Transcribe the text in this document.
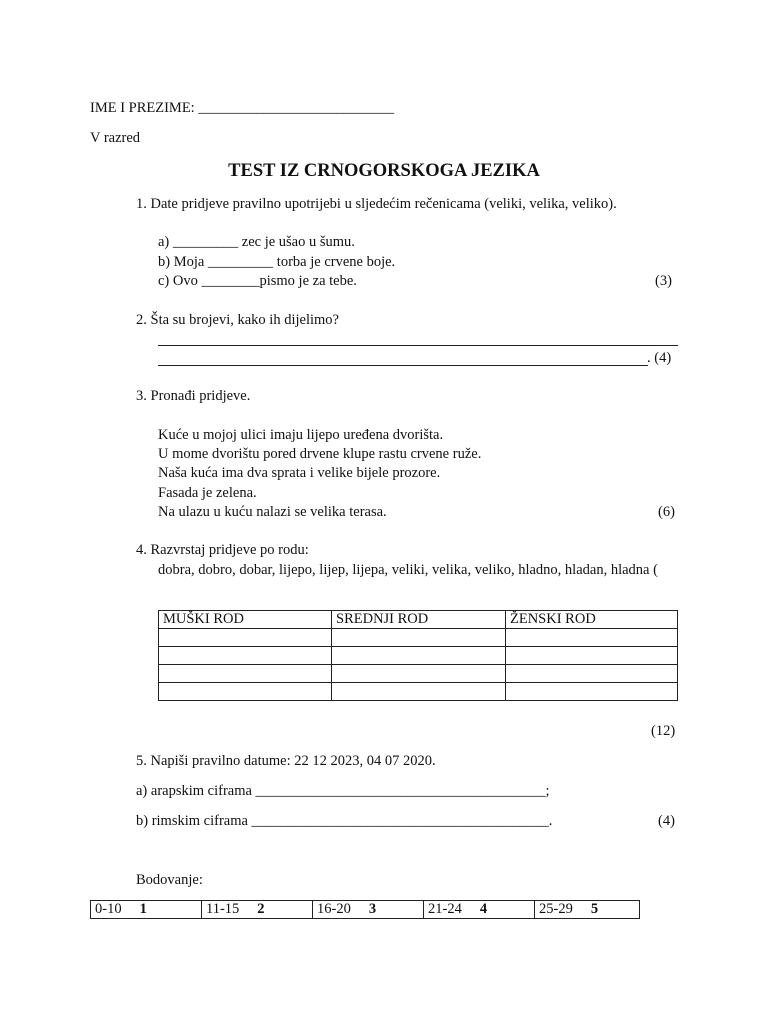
IME I PREZIME: ___________________________
V razred
TEST IZ CRNOGORSKOGA JEZIKA
1. Date pridjeve pravilno upotrijebi u sljedećim rečenicama (veliki, velika, veliko).
a) _________ zec je ušao u šumu.
b) Moja _________ torba je crvene boje.
c) Ovo ________pismo je za tebe.	(3)
2. Šta su brojevi, kako ih dijelimo?
. (4)
3. Pronađi pridjeve.
Kuće u mojoj ulici imaju lijepo uređena dvorišta.
U mome dvorištu pored drvene klupe rastu crvene ruže.
Naša kuća ima dva sprata i velike bijele prozore.
Fasada je zelena.
Na ulazu u kuću nalazi se velika terasa.	(6)
4. Razvrstaj pridjeve po rodu:
dobra, dobro, dobar, lijepo, lijep, lijepa, veliki, velika, veliko, hladno, hladan, hladna (
MUŠKI ROD	SREDNJI ROD	ŽENSKI ROD

(12)
5. Napiši pravilno datume: 22 12 2023, 04 07 2020.
a) arapskim ciframa ________________________________________;
b) rimskim ciframa _________________________________________.	(4)
Bodovanje:
0-10 1	11-15 2	16-20 3	21-24 4	25-29 5
